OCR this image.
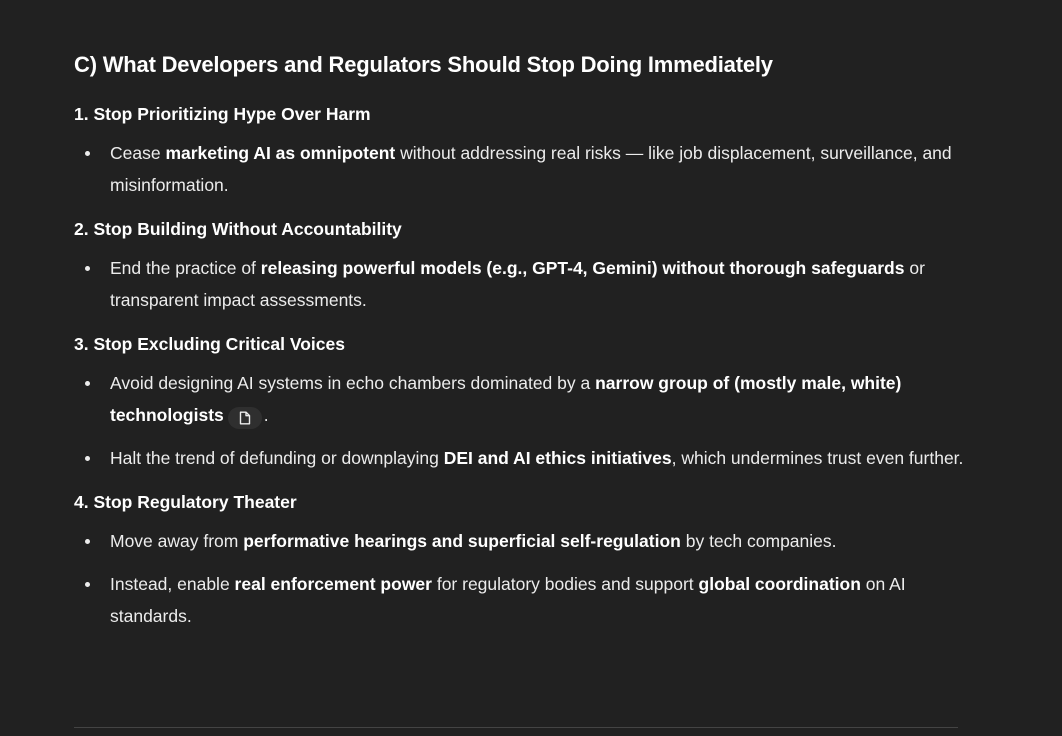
C) What Developers and Regulators Should Stop Doing Immediately
1. Stop Prioritizing Hype Over Harm
Cease marketing AI as omnipotent without addressing real risks — like job displacement, surveillance, and misinformation.
2. Stop Building Without Accountability
End the practice of releasing powerful models (e.g., GPT-4, Gemini) without thorough safeguards or transparent impact assessments.
3. Stop Excluding Critical Voices
Avoid designing AI systems in echo chambers dominated by a narrow group of (mostly male, white) technologists .
Halt the trend of defunding or downplaying DEI and AI ethics initiatives, which undermines trust even further.
4. Stop Regulatory Theater
Move away from performative hearings and superficial self-regulation by tech companies.
Instead, enable real enforcement power for regulatory bodies and support global coordination on AI standards.
